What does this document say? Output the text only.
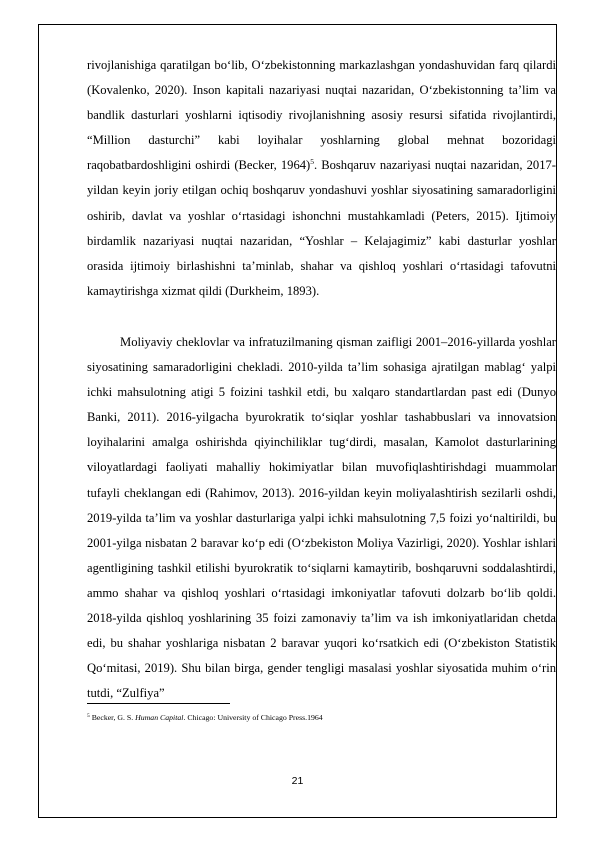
rivojlanishiga qaratilgan bo‘lib, O‘zbekistonning markazlashgan yondashuvidan farq qilardi (Kovalenko, 2020). Inson kapitali nazariyasi nuqtai nazaridan, O‘zbekistonning ta’lim va bandlik dasturlari yoshlarni iqtisodiy rivojlanishning asosiy resursi sifatida rivojlantirdi, “Million dasturchi” kabi loyihalar yoshlarning global mehnat bozoridagi raqobatbardoshligini oshirdi (Becker, 1964)$^5$. Boshqaruv nazariyasi nuqtai nazaridan, 2017-yildan keyin joriy etilgan ochiq boshqaruv yondashuvi yoshlar siyosatining samaradorligini oshirib, davlat va yoshlar o‘rtasidagi ishonchni mustahkamladi (Peters, 2015). Ijtimoiy birdamlik nazariyasi nuqtai nazaridan, “Yoshlar – Kelajagimiz” kabi dasturlar yoshlar orasida ijtimoiy birlashishni ta’minlab, shahar va qishloq yoshlari o‘rtasidagi tafovutni kamaytirishga xizmat qildi (Durkheim, 1893).

Moliyaviy cheklovlar va infratuzilmaning qisman zaifligi 2001–2016-yillarda yoshlar siyosatining samaradorligini chekladi. 2010-yilda ta’lim sohasiga ajratilgan mablag‘ yalpi ichki mahsulotning atigi 5 foizini tashkil etdi, bu xalqaro standartlardan past edi (Dunyo Banki, 2011). 2016-yilgacha byurokratik to‘siqlar yoshlar tashabbuslari va innovatsion loyihalarini amalga oshirishda qiyinchiliklar tug‘dirdi, masalan, Kamolot dasturlarining viloyatlardagi faoliyati mahalliy hokimiyatlar bilan muvofiqlashtirishdagi muammolar tufayli cheklangan edi (Rahimov, 2013). 2016-yildan keyin moliyalashtirish sezilarli oshdi, 2019-yilda ta’lim va yoshlar dasturlariga yalpi ichki mahsulotning 7,5 foizi yo‘naltirildi, bu 2001-yilga nisbatan 2 baravar ko‘p edi (O‘zbekiston Moliya Vazirligi, 2020). Yoshlar ishlari agentligining tashkil etilishi byurokratik to‘siqlarni kamaytirib, boshqaruvni soddalashtirdi, ammo shahar va qishloq yoshlari o‘rtasidagi imkoniyatlar tafovuti dolzarb bo‘lib qoldi. 2018-yilda qishloq yoshlarining 35 foizi zamonaviy ta’lim va ish imkoniyatlaridan chetda edi, bu shahar yoshlariga nisbatan 2 baravar yuqori ko‘rsatkich edi (O‘zbekiston Statistik Qo‘mitasi, 2019). Shu bilan birga, gender tengligi masalasi yoshlar siyosatida muhim o‘rin tutdi, “Zulfiya”

$^5$ Becker, G. S. Human Capital. Chicago: University of Chicago Press.1964
21
